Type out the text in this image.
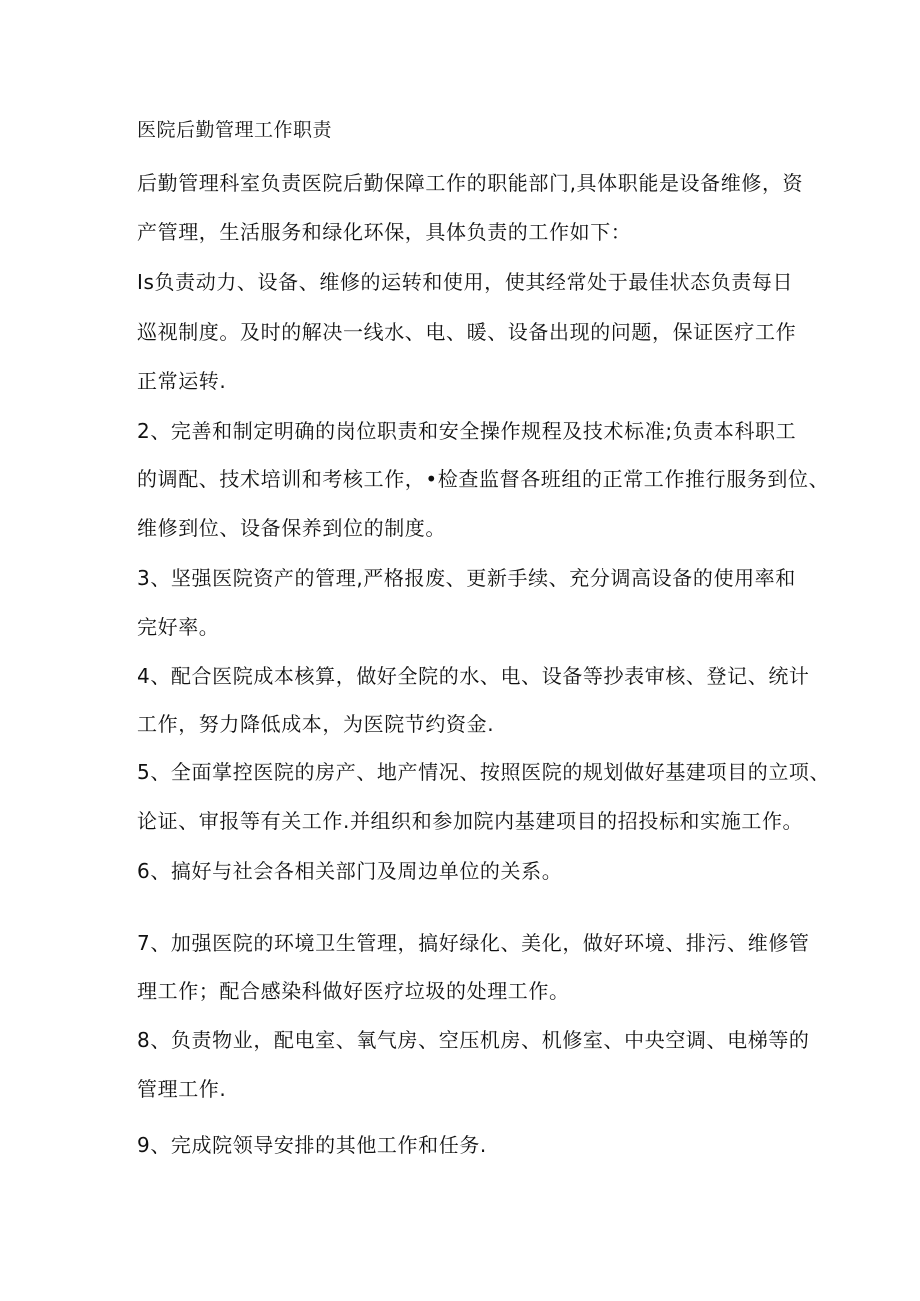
医院后勤管理工作职责
后勤管理科室负责医院后勤保障工作的职能部门,具体职能是设备维修，资
产管理，生活服务和绿化环保，具体负责的工作如下：
Is负责动力、设备、维修的运转和使用，使其经常处于最佳状态负责每日
巡视制度。及时的解决一线水、电、暖、设备出现的问题，保证医疗工作
正常运转.
2、完善和制定明确的岗位职责和安全操作规程及技术标准;负责本科职工
的调配、技术培训和考核工作，•检查监督各班组的正常工作推行服务到位、
维修到位、设备保养到位的制度。
3、坚强医院资产的管理,严格报废、更新手续、充分调高设备的使用率和
完好率。
4、配合医院成本核算，做好全院的水、电、设备等抄表审核、登记、统计
工作，努力降低成本，为医院节约资金.
5、全面掌控医院的房产、地产情况、按照医院的规划做好基建项目的立项、
论证、审报等有关工作.并组织和参加院内基建项目的招投标和实施工作。
6、搞好与社会各相关部门及周边单位的关系。
7、加强医院的环境卫生管理，搞好绿化、美化，做好环境、排污、维修管
理工作；配合感染科做好医疗垃圾的处理工作。
8、负责物业，配电室、氧气房、空压机房、机修室、中央空调、电梯等的
管理工作.
9、完成院领导安排的其他工作和任务.
